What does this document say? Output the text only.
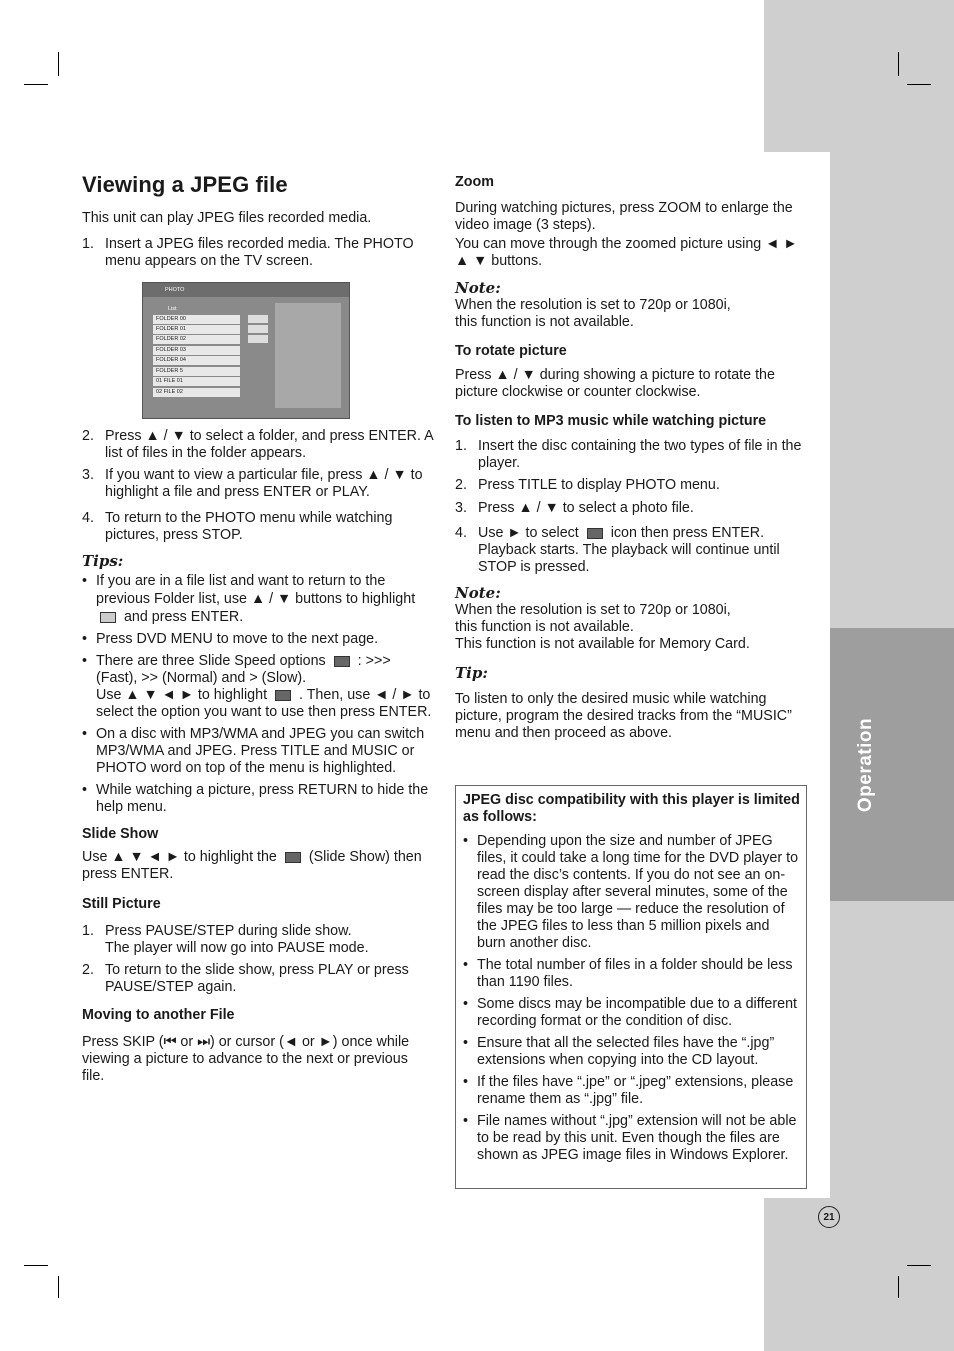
Operation
21
Viewing a JPEG file

This unit can play JPEG files recorded media.

1. Insert a JPEG files recorded media. The PHOTO menu appears on the TV screen.
PHOTO
List
FOLDER 00
FOLDER 01
FOLDER 02
FOLDER 03
FOLDER 04
FOLDER 5
01 FILE 01
02 FILE 02
2. Press ▲ / ▼ to select a folder, and press ENTER. A list of files in the folder appears.
3. If you want to view a particular file, press ▲ / ▼ to highlight a file and press ENTER or PLAY.
4. To return to the PHOTO menu while watching pictures, press STOP.
Tips:
• If you are in a file list and want to return to the previous Folder list, use ▲ / ▼ buttons to highlight  and press ENTER.
• Press DVD MENU to move to the next page.
• There are three Slide Speed options : >>> (Fast), >> (Normal) and > (Slow).
Use ▲ ▼ ◄ ► to highlight . Then, use ◄ / ► to select the option you want to use then press ENTER.
• On a disc with MP3/WMA and JPEG you can switch MP3/WMA and JPEG. Press TITLE and MUSIC or PHOTO word on top of the menu is highlighted.
• While watching a picture, press RETURN to hide the help menu.

Slide Show

Use ▲ ▼ ◄ ► to highlight the (Slide Show) then press ENTER.

Still Picture

1. Press PAUSE/STEP during slide show.
The player will now go into PAUSE mode.
2. To return to the slide show, press PLAY or press PAUSE/STEP again.

Moving to another File

Press SKIP (⏮ or ⏭) or cursor (◄ or ►) once while viewing a picture to advance to the next or previous file.

Zoom

During watching pictures, press ZOOM to enlarge the video image (3 steps).

You can move through the zoomed picture using ◄ ► ▲ ▼ buttons.

Note:

When the resolution is set to 720p or 1080i,

this function is not available.

To rotate picture

Press ▲ / ▼ during showing a picture to rotate the picture clockwise or counter clockwise.

To listen to MP3 music while watching picture

1. Insert the disc containing the two types of file in the player.
2. Press TITLE to display PHOTO menu.
3. Press ▲ / ▼ to select a photo file.
4. Use ► to select icon then press ENTER. Playback starts. The playback will continue until STOP is pressed.
Note:

When the resolution is set to 720p or 1080i,

this function is not available.

This function is not available for Memory Card.

Tip:

To listen to only the desired music while watching picture, program the desired tracks from the “MUSIC” menu and then proceed as above.

JPEG disc compatibility with this player is limited as follows:

• Depending upon the size and number of JPEG files, it could take a long time for the DVD player to read the disc’s contents. If you do not see an on-screen display after several minutes, some of the files may be too large — reduce the resolution of the JPEG files to less than 5 million pixels and burn another disc.
• The total number of files in a folder should be less than 1190 files.
• Some discs may be incompatible due to a different recording format or the condition of disc.
• Ensure that all the selected files have the “.jpg” extensions when copying into the CD layout.
• If the files have “.jpe” or “.jpeg” extensions, please rename them as “.jpg” file.
• File names without “.jpg” extension will not be able to be read by this unit. Even though the files are shown as JPEG image files in Windows Explorer.
